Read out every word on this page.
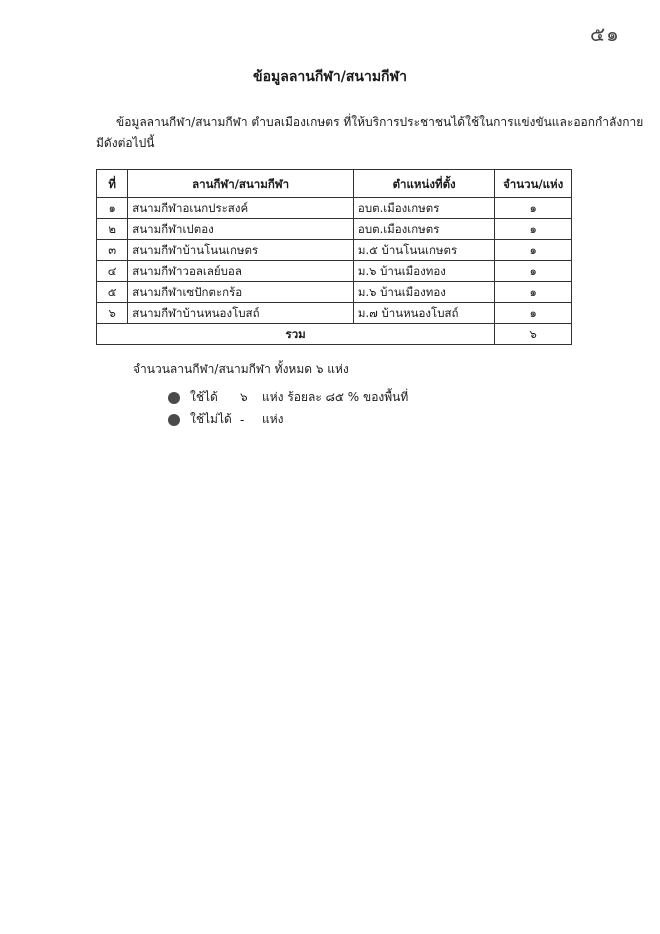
๕๑
ข้อมูลลานกีฬา/สนามกีฬา
ข้อมูลลานกีฬา/สนามกีฬา ตำบลเมืองเกษตร ที่ให้บริการประชาชนได้ใช้ในการแข่งขันและออกกำลังกาย
มีดังต่อไปนี้
ที่	ลานกีฬา/สนามกีฬา	ตำแหน่งที่ตั้ง	จำนวน/แห่ง
๑	สนามกีฬาอเนกประสงค์	อบต.เมืองเกษตร	๑
๒	สนามกีฬาเปตอง	อบต.เมืองเกษตร	๑
๓	สนามกีฬาบ้านโนนเกษตร	ม.๕ บ้านโนนเกษตร	๑
๔	สนามกีฬาวอลเลย์บอล	ม.๖ บ้านเมืองทอง	๑
๕	สนามกีฬาเซปักตะกร้อ	ม.๖ บ้านเมืองทอง	๑
๖	สนามกีฬาบ้านหนองโบสถ์	ม.๗ บ้านหนองโบสถ์	๑
รวม			๖
จำนวนลานกีฬา/สนามกีฬา ทั้งหมด ๖ แห่ง
ใช้ได้	๖	แห่ง ร้อยละ ๘๕ % ของพื้นที่
ใช้ไม่ได้ -	แห่ง
